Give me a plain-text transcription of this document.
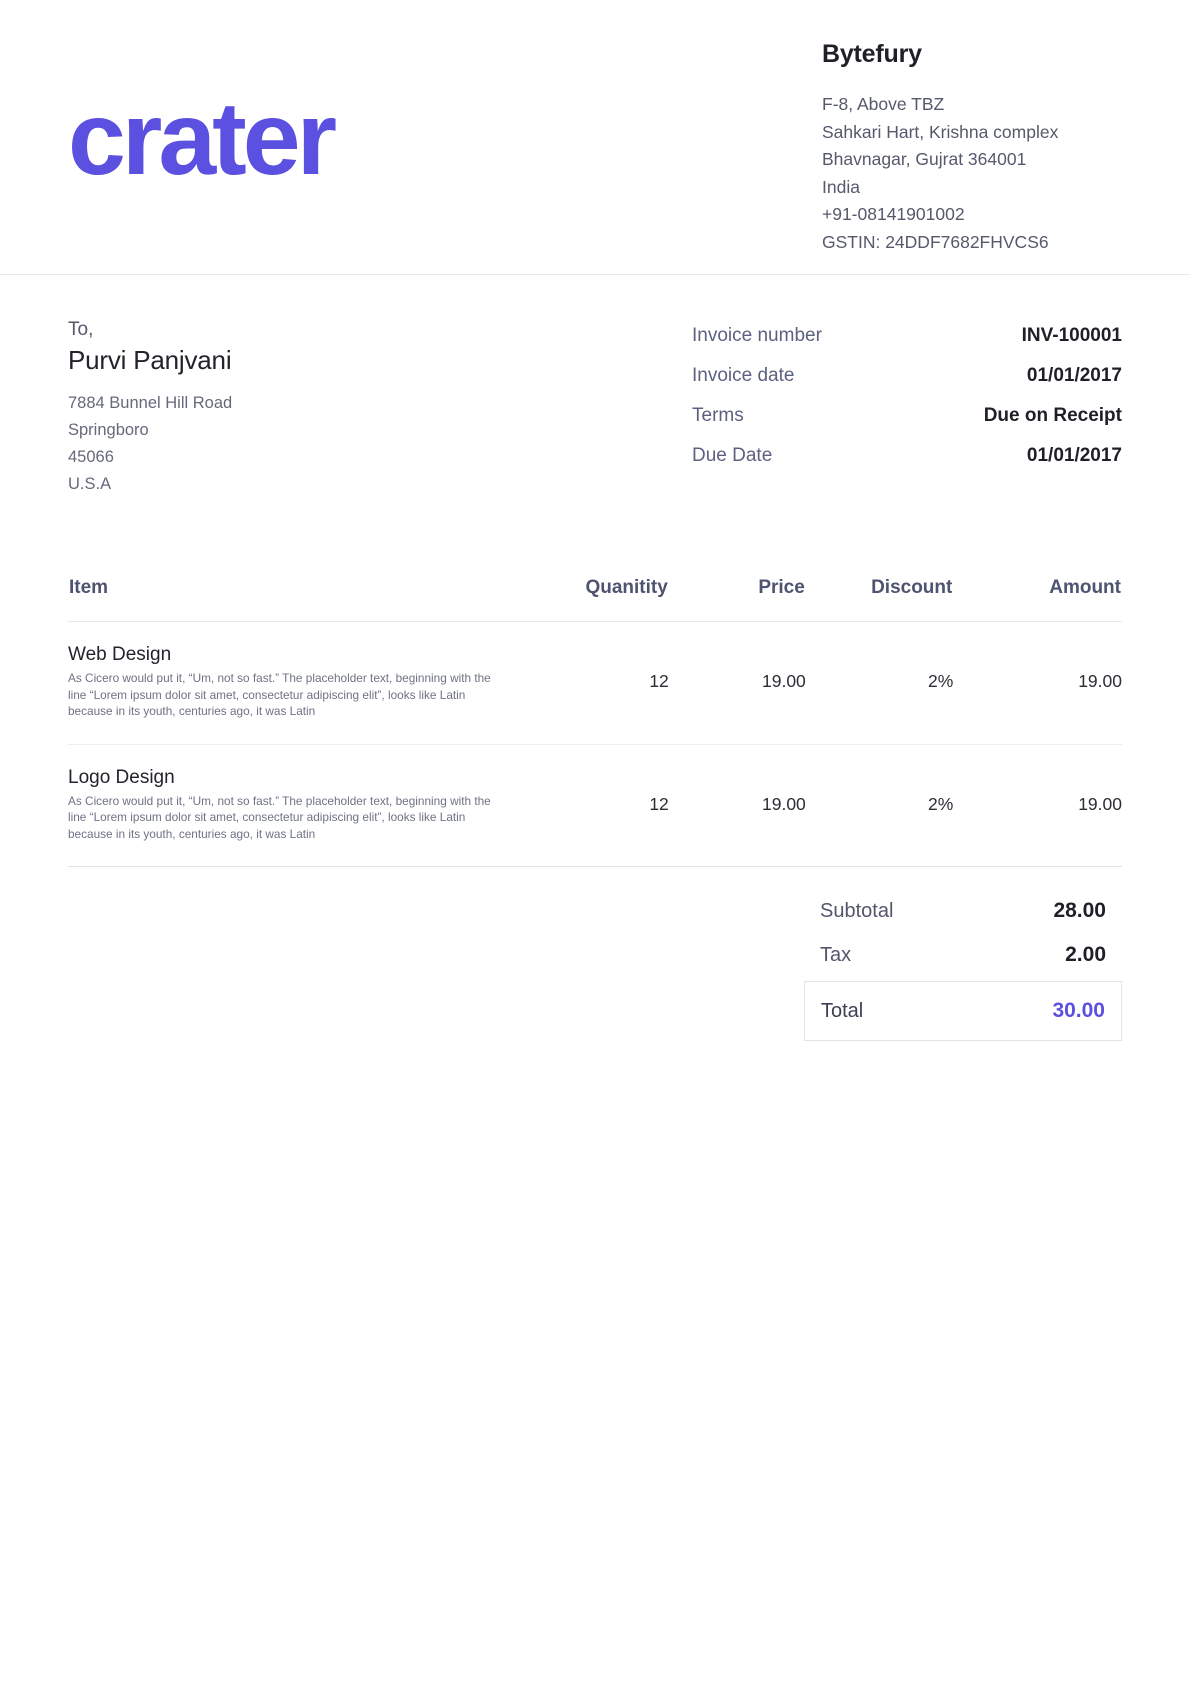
crater
Bytefury
F-8, Above TBZ
Sahkari Hart, Krishna complex
Bhavnagar, Gujrat 364001
India
+91-08141901002
GSTIN: 24DDF7682FHVCS6
To,
Purvi Panjvani
7884 Bunnel Hill Road
Springboro
45066
U.S.A
Invoice number	INV-100001
Invoice date	01/01/2017
Terms	Due on Receipt
Due Date	01/01/2017
Item	Quanitity	Price	Discount	Amount

Web Design
As Cicero would put it, “Um, not so fast.” The placeholder text, beginning with the line “Lorem ipsum dolor sit amet, consectetur adipiscing elit”, looks like Latin because in its youth, centuries ago, it was Latin	12	19.00	2%	19.00

Logo Design
As Cicero would put it, “Um, not so fast.” The placeholder text, beginning with the line “Lorem ipsum dolor sit amet, consectetur adipiscing elit”, looks like Latin because in its youth, centuries ago, it was Latin	12	19.00	2%	19.00
Subtotal	28.00
Tax	2.00
Total	30.00
